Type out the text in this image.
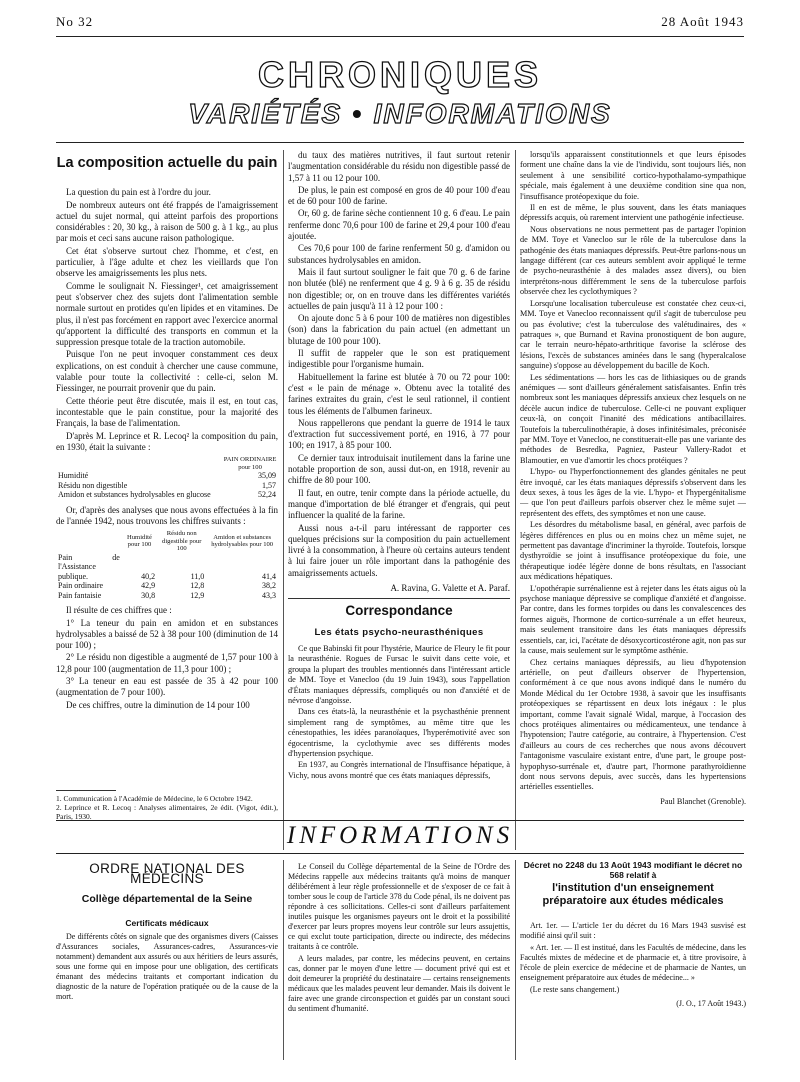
No 32	28 Août 1943
CHRONIQUES
VARIÉTÉS • INFORMATIONS
La composition actuelle du pain

La question du pain est à l'ordre du jour.

De nombreux auteurs ont été frappés de l'amaigrissement actuel du sujet normal, qui atteint parfois des proportions considérables : 20, 30 kg., à raison de 500 g. à 1 kg., au plus par mois et ceci sans aucune raison pathologique.

Cet état s'observe surtout chez l'homme, et c'est, en particulier, à l'âge adulte et chez les vieillards que l'on observe les amaigrissements les plus nets.

Comme le soulignait N. Fiessinger¹, cet amaigrissement peut s'observer chez des sujets dont l'alimentation semble normale surtout en protides qu'en lipides et en vitamines. De plus, il n'est pas forcément en rapport avec l'exercice anormal qu'apportent la difficulté des transports en commun et la suppression presque totale de la traction automobile.

Puisque l'on ne peut invoquer constamment ces deux explications, on est conduit à chercher une cause commune, valable pour toute la collectivité : celle-ci, selon M. Fiessinger, ne pourrait provenir que du pain.

Cette théorie peut être discutée, mais il est, en tout cas, incontestable que le pain constitue, pour la majorité des Français, la base de l'alimentation.

D'après M. Leprince et R. Lecoq² la composition du pain, en 1930, était la suivante :

	PAIN ORDINAIRE
	pour 100
Humidité	35,09
Résidu non digestible	1,57
Amidon et substances hydrolysables en glucose	52,24

Or, d'après des analyses que nous avons effectuées à la fin de l'année 1942, nous trouvons les chiffres suivants :

	Humidité pour 100	Résidu non digestible pour 100	Amidon et substances hydrolysables pour 100
Pain de l'Assistance publique.	40,2	11,0	41,4
Pain ordinaire	42,9	12,8	38,2
Pain fantaisie	30,8	12,9	43,3

Il résulte de ces chiffres que :

1° La teneur du pain en amidon et en substances hydrolysables a baissé de 52 à 38 pour 100 (diminution de 14 pour 100) ;

2° Le résidu non digestible a augmenté de 1,57 pour 100 à 12,8 pour 100 (augmentation de 11,3 pour 100) ;

3° La teneur en eau est passée de 35 à 42 pour 100 (augmentation de 7 pour 100).

De ces chiffres, outre la diminution de 14 pour 100

1. Communication à l'Académie de Médecine, le 6 Octobre 1942.

2. Leprince et R. Lecoq : Analyses alimentaires, 2e édit. (Vigot, édit.), Paris, 1930.

du taux des matières nutritives, il faut surtout retenir l'augmentation considérable du résidu non digestible passé de 1,57 à 11 ou 12 pour 100.

De plus, le pain est composé en gros de 40 pour 100 d'eau et de 60 pour 100 de farine.

Or, 60 g. de farine sèche contiennent 10 g. 6 d'eau. Le pain renferme donc 70,6 pour 100 de farine et 29,4 pour 100 d'eau ajoutée.

Ces 70,6 pour 100 de farine renferment 50 g. d'amidon ou substances hydrolysables en amidon.

Mais il faut surtout souligner le fait que 70 g. 6 de farine non blutée (blé) ne renferment que 4 g. 9 à 6 g. 35 de résidu non digestible; or, on en trouve dans les différentes variétés actuelles de pain jusqu'à 11 à 12 pour 100 :

On ajoute donc 5 à 6 pour 100 de matières non digestibles (son) dans la fabrication du pain actuel (en admettant un blutage de 100 pour 100).

Il suffit de rappeler que le son est pratiquement indigestible pour l'organisme humain.

Habituellement la farine est blutée à 70 ou 72 pour 100: c'est « le pain de ménage ». Obtenu avec la totalité des farines extraites du grain, c'est le seul rationnel, il contient tous les éléments de l'albumen farineux.

Nous rappellerons que pendant la guerre de 1914 le taux d'extraction fut successivement porté, en 1916, à 77 pour 100; en 1917, à 85 pour 100.

Ce dernier taux introduisait inutilement dans la farine une notable proportion de son, aussi dut-on, en 1918, revenir au chiffre de 80 pour 100.

Il faut, en outre, tenir compte dans la période actuelle, du manque d'importation de blé étranger et d'engrais, qui peut influencer la qualité de la farine.

Aussi nous a-t-il paru intéressant de rapporter ces quelques précisions sur la composition du pain actuellement livré à la consommation, à l'heure où certains auteurs tendent à lui faire jouer un rôle important dans la pathogénie des amaigrissements actuels.

A. Ravina, G. Valette et A. Paraf.
Correspondance
Les états psycho-neurasthéniques

Ce que Babinski fit pour l'hystérie, Maurice de Fleury le fit pour la neurasthénie. Rogues de Fursac le suivit dans cette voie, et groupa la plupart des troubles mentionnés dans l'intéressant article de MM. Toye et Vanecloo (du 19 Juin 1943), sous l'appellation d'États maniaques dépressifs, compliqués ou non d'anxiété et de névrose d'angoisse.

Dans ces états-là, la neurasthénie et la psychasthénie prennent simplement rang de symptômes, au même titre que les cénestopathies, les idées paranoïaques, l'hyperémotivité avec son égocentrisme, la cyclothymie avec ses différents modes d'hypertension psychique.

En 1937, au Congrès international de l'Insuffisance hépatique, à Vichy, nous avons montré que ces états maniaques dépressifs,

lorsqu'ils apparaissent constitutionnels et que leurs épisodes forment une chaîne dans la vie de l'individu, sont toujours liés, non seulement à une sensibilité cortico-hypothalamo-sympathique spéciale, mais également à une deuxième condition sine qua non, l'insuffisance protéopexique du foie.

Il en est de même, le plus souvent, dans les états maniaques dépressifs acquis, où rarement intervient une pathogénie infectieuse.

Nous observations ne nous permettent pas de partager l'opinion de MM. Toye et Vanecloo sur le rôle de la tuberculose dans la pathogénie des états maniaques dépressifs. Peut-être parlons-nous un langage différent (car ces auteurs semblent avoir appliqué le terme de psycho-neurasthénie à des malades assez divers), ou bien interprétons-nous différemment le sens de la tuberculose parfois observée chez les cyclothymiques ?

Lorsqu'une localisation tuberculeuse est constatée chez ceux-ci, MM. Toye et Vanecloo reconnaissent qu'il s'agit de tuberculose peu ou pas évolutive; c'est la tuberculose des valétudinaires, des « patraques », que Burnand et Ravina pronostiquent de bon augure, car le terrain neuro-hépato-arthritique favorise la sclérose des lésions, l'excès de substances aminées dans le sang (hyperalcalose sanguine) s'oppose au développement du bacille de Koch.

Les sédimentations — hors les cas de lithiasiques ou de grands anémiques — sont d'ailleurs généralement satisfaisantes. Enfin très nombreux sont les maniaques dépressifs anxieux chez lesquels on ne décèle aucun indice de tuberculose. Celle-ci ne pouvant expliquer ceux-là, on conçoit l'inanité des médications antibacillaires. Toutefois la tuberculinothérapie, à doses infinitésimales, préconisée par MM. Toye et Vanecloo, ne constituerait-elle pas une variante des méthodes de Besredka, Pagniez, Pasteur Vallery-Radot et Blamoutier, en vue d'amortir les chocs protéiques ?

L'hypo- ou l'hyperfonctionnement des glandes génitales ne peut être invoqué, car les états maniaques dépressifs s'observent dans les deux sexes, à tous les âges de la vie. L'hypo- et l'hypergénitalisme — que l'on peut d'ailleurs parfois observer chez le même sujet — représentent des effets, des symptômes et non une cause.

Les désordres du métabolisme basal, en général, avec parfois de légères différences en plus ou en moins chez un même sujet, ne permettent pas davantage d'incriminer la thyroïde. Toutefois, lorsque dysthyroïdie se joint à insuffisance protéopexique du foie, une thérapeutique iodée légère donne de bons résultats, en l'associant aux médications hépatiques.

L'opothérapie surrénalienne est à rejeter dans les états aigus où la psychose maniaque dépressive se complique d'anxiété et d'angoisse. Par contre, dans les formes torpides ou dans les convalescences des formes aiguës, l'hormone de cortico-surrénale a un effet heureux, mais seulement transitoire dans les états maniaques dépressifs essentiels, car, ici, l'acétate de désoxycorticostérone agit, non pas sur la cause, mais seulement sur le symptôme asthénie.

Chez certains maniaques dépressifs, au lieu d'hypotension artérielle, on peut d'ailleurs observer de l'hypertension, conformément à ce que nous avons indiqué dans le numéro du Monde Médical du 1er Octobre 1938, à savoir que les insuffisants protéopexiques se répartissent en deux lots inégaux : le plus important, comme l'avait signalé Widal, marque, à l'occasion des chocs protéiques alimentaires ou médicamenteux, une tendance à l'hypotension; l'autre catégorie, au contraire, à l'hypertension. C'est d'ailleurs au cours de ces recherches que nous avons découvert l'antagonisme vasculaire existant entre, d'une part, le groupe post-hypophyso-surrénale et, d'autre part, l'hormone parathyroïdienne dont nous servons depuis, avec succès, dans les hypertensions artérielles essentielles.

Paul Blanchet (Grenoble).
INFORMATIONS
ORDRE NATIONAL DES MÉDECINS
Collège départemental de la Seine
Certificats médicaux

De différents côtés on signale que des organismes divers (Caisses d'Assurances sociales, Assurances-cadres, Assurances-vie notamment) demandent aux assurés ou aux héritiers de leurs assurés, sous une forme qui en impose pour une obligation, des certificats émanant des médecins traitants et comportant indication du diagnostic de la nature de l'opération pratiquée ou de la cause de la mort.

Le Conseil du Collège départemental de la Seine de l'Ordre des Médecins rappelle aux médecins traitants qu'à moins de manquer délibérément à leur règle professionnelle et de s'exposer de ce fait à tomber sous le coup de l'article 378 du Code pénal, ils ne doivent pas répondre à ces sollicitations. Celles-ci sont d'ailleurs parfaitement inutiles puisque les organismes payeurs ont le droit et la possibilité d'exercer par leurs propres moyens leur contrôle sur leurs assujettis, ce qui exclut toute participation, directe ou indirecte, des médecins traitants à ce contrôle.

A leurs malades, par contre, les médecins peuvent, en certains cas, donner par le moyen d'une lettre — document privé qui est et doit demeurer la propriété du destinataire — certains renseignements médicaux que les malades peuvent leur demander. Mais ils doivent le faire avec une grande circonspection et guidés par un constant souci du sentiment d'humanité.

Décret no 2248 du 13 Août 1943 modifiant le décret no 568 relatif à
l'institution d'un enseignement préparatoire aux études médicales

Art. 1er. — L'article 1er du décret du 16 Mars 1943 susvisé est modifié ainsi qu'il suit :

« Art. 1er. — Il est institué, dans les Facultés de médecine, dans les Facultés mixtes de médecine et de pharmacie et, à titre provisoire, à l'école de plein exercice de médecine et de pharmacie de Nantes, un enseignement préparatoire aux études de médecine... »

(Le reste sans changement.)

(J. O., 17 Août 1943.)
